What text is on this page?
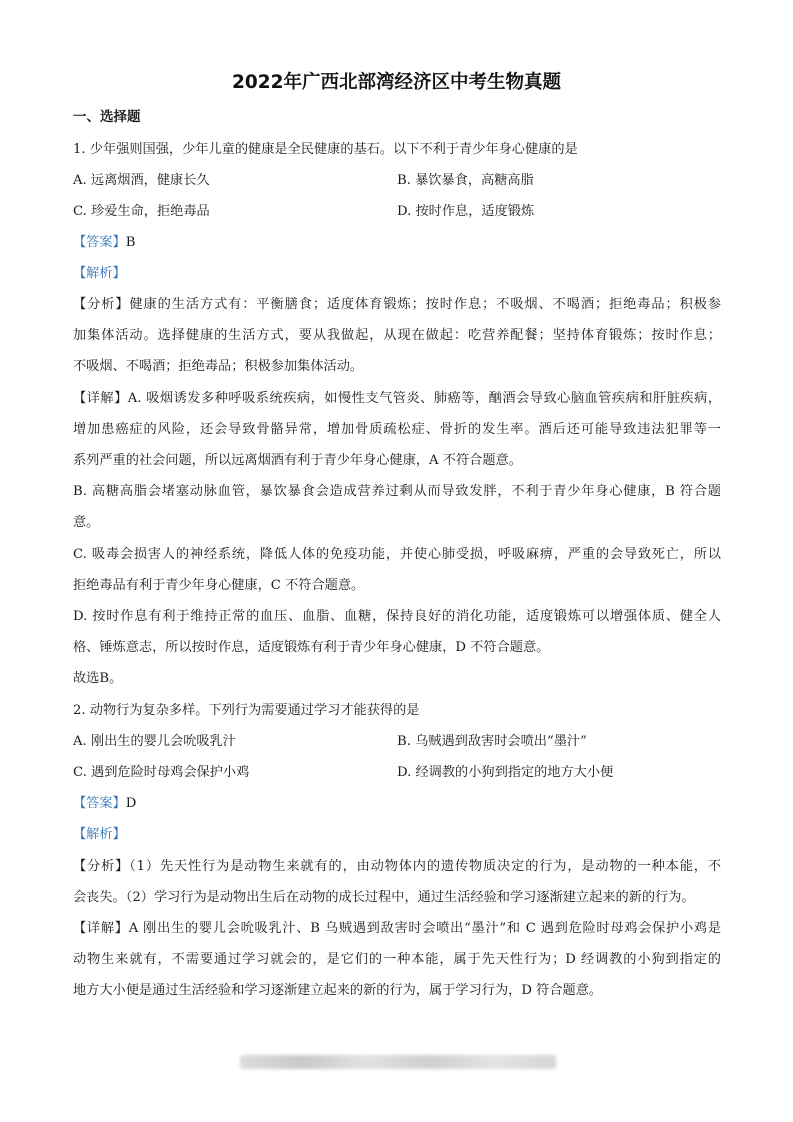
2022年广西北部湾经济区中考生物真题
一、选择题
1. 少年强则国强，少年儿童的健康是全民健康的基石。以下不利于青少年身心健康的是
A. 远离烟酒，健康长久	B. 暴饮暴食，高糖高脂
C. 珍爱生命，拒绝毒品	D. 按时作息，适度锻炼
【答案】B
【解析】
【分析】健康的生活方式有：平衡膳食；适度体育锻炼；按时作息；不吸烟、不喝酒；拒绝毒品；积极参
加集体活动。选择健康的生活方式，要从我做起，从现在做起：吃营养配餐；坚持体育锻炼；按时作息；
不吸烟、不喝酒；拒绝毒品；积极参加集体活动。
【详解】A. 吸烟诱发多种呼吸系统疾病，如慢性支气管炎、肺癌等，酗酒会导致心脑血管疾病和肝脏疾病，
增加患癌症的风险，还会导致骨骼异常，增加骨质疏松症、骨折的发生率。酒后还可能导致违法犯罪等一
系列严重的社会问题，所以远离烟酒有利于青少年身心健康，A 不符合题意。
B. 高糖高脂会堵塞动脉血管，暴饮暴食会造成营养过剩从而导致发胖，不利于青少年身心健康，B 符合题
意。
C. 吸毒会损害人的神经系统，降低人体的免疫功能，并使心肺受损，呼吸麻痹，严重的会导致死亡，所以
拒绝毒品有利于青少年身心健康，C 不符合题意。
D. 按时作息有利于维持正常的血压、血脂、血糖，保持良好的消化功能，适度锻炼可以增强体质、健全人
格、锤炼意志，所以按时作息，适度锻炼有利于青少年身心健康，D 不符合题意。
故选B。
2. 动物行为复杂多样。下列行为需要通过学习才能获得的是
A. 刚出生的婴儿会吮吸乳汁	B. 乌贼遇到敌害时会喷出“墨汁”
C. 遇到危险时母鸡会保护小鸡	D. 经调教的小狗到指定的地方大小便
【答案】D
【解析】
【分析】（1）先天性行为是动物生来就有的，由动物体内的遗传物质决定的行为，是动物的一种本能，不
会丧失。（2）学习行为是动物出生后在动物的成长过程中，通过生活经验和学习逐渐建立起来的新的行为。
【详解】A 刚出生的婴儿会吮吸乳汁、B 乌贼遇到敌害时会喷出“墨汁”和 C 遇到危险时母鸡会保护小鸡是
动物生来就有，不需要通过学习就会的，是它们的一种本能，属于先天性行为；D 经调教的小狗到指定的
地方大小便是通过生活经验和学习逐渐建立起来的新的行为，属于学习行为，D 符合题意。
